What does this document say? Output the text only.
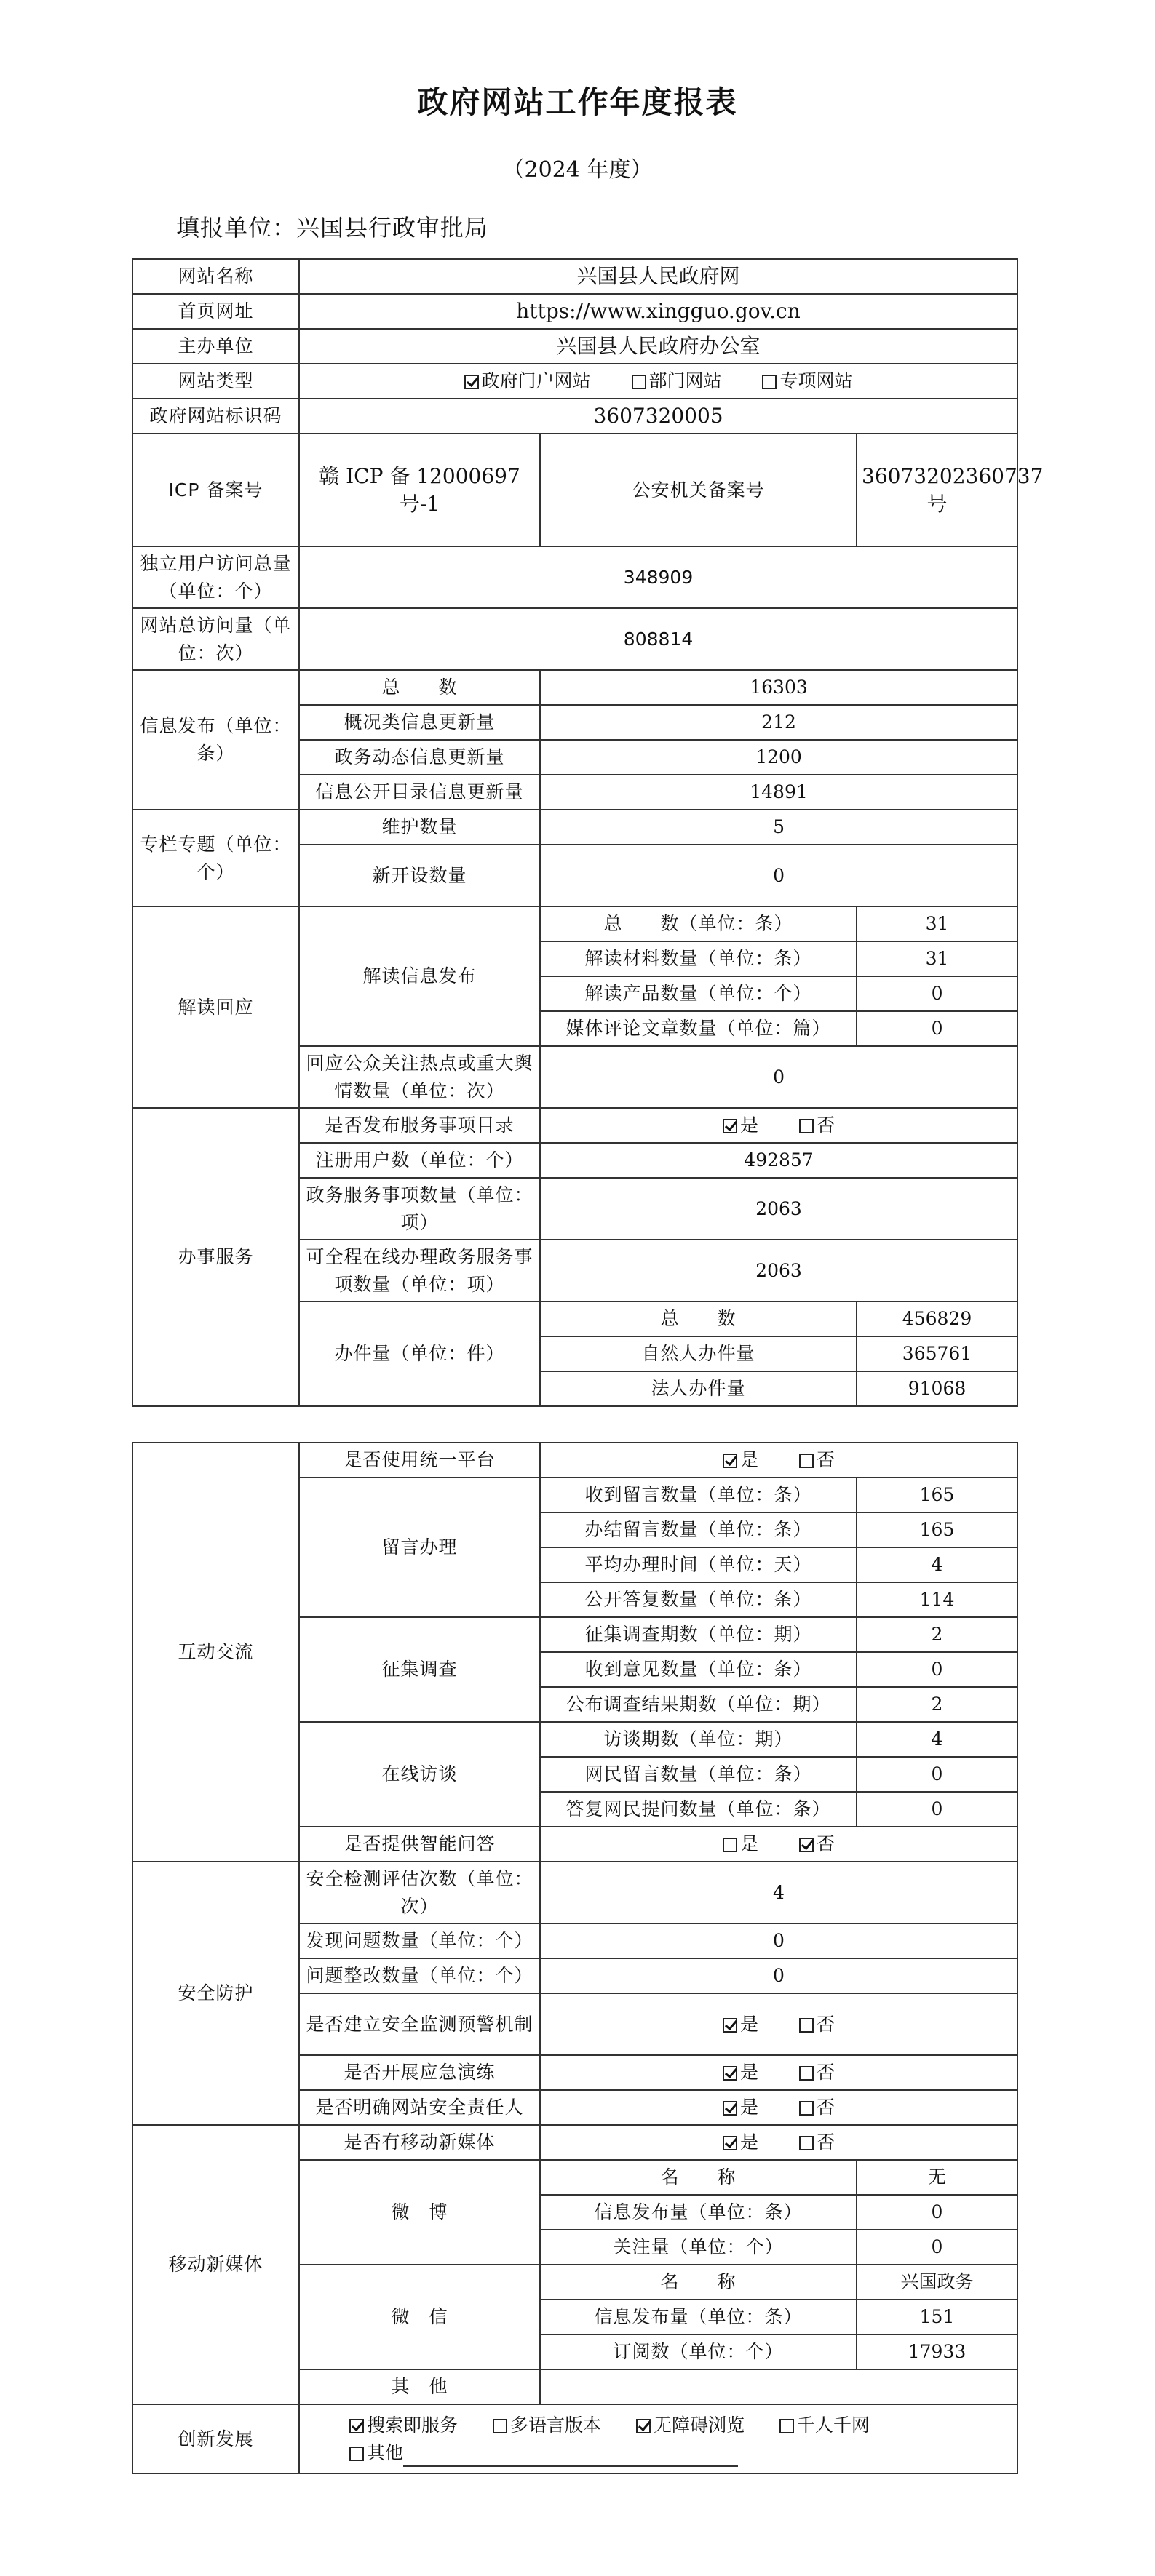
政府网站工作年度报表
（2024 年度）
填报单位：兴国县行政审批局
网站名称	兴国县人民政府网		
首页网址	https://www.xingguo.gov.cn		
主办单位	兴国县人民政府办公室		
网站类型	政府门户网站 部门网站 专项网站		
政府网站标识码	3607320005		
ICP 备案号	赣 ICP 备 12000697 号-1	公安机关备案号	36073202360737 号
独立用户访问总量（单位：个）	348909		
网站总访问量（单位：次）	808814		
信息发布（单位：条）	总　　数	16303	
	概况类信息更新量	212	
	政务动态信息更新量	1200	
	信息公开目录信息更新量	14891	
专栏专题（单位：个）	维护数量	5	
	新开设数量	0	
解读回应	解读信息发布	总　　数（单位：条）	31
		解读材料数量（单位：条）	31
		解读产品数量（单位：个）	0
		媒体评论文章数量（单位：篇）	0
	回应公众关注热点或重大舆情数量（单位：次）	0	
办事服务	是否发布服务事项目录	是 否	
	注册用户数（单位：个）	492857	
	政务服务事项数量（单位：项）	2063	
	可全程在线办理政务服务事项数量（单位：项）	2063	
	办件量（单位：件）	总　　数	456829
		自然人办件量	365761
		法人办件量	91068
互动交流	是否使用统一平台	是 否	
	留言办理	收到留言数量（单位：条）	165
		办结留言数量（单位：条）	165
		平均办理时间（单位：天）	4
		公开答复数量（单位：条）	114
	征集调查	征集调查期数（单位：期）	2
		收到意见数量（单位：条）	0
		公布调查结果期数（单位：期）	2
	在线访谈	访谈期数（单位：期）	4
		网民留言数量（单位：条）	0
		答复网民提问数量（单位：条）	0
	是否提供智能问答	是 否	
安全防护	安全检测评估次数（单位：次）	4	
	发现问题数量（单位：个）	0	
	问题整改数量（单位：个）	0	
	是否建立安全监测预警机制	是 否	
	是否开展应急演练	是 否	
	是否明确网站安全责任人	是 否	
移动新媒体	是否有移动新媒体	是 否	
	微　博	名　　称	无
		信息发布量（单位：条）	0
		关注量（单位：个）	0
	微　信	名　　称	兴国政务
		信息发布量（单位：条）	151
		订阅数（单位：个）	17933
	其　他		
创新发展	搜索即服务 多语言版本 无障碍浏览 千人千网
其他		
